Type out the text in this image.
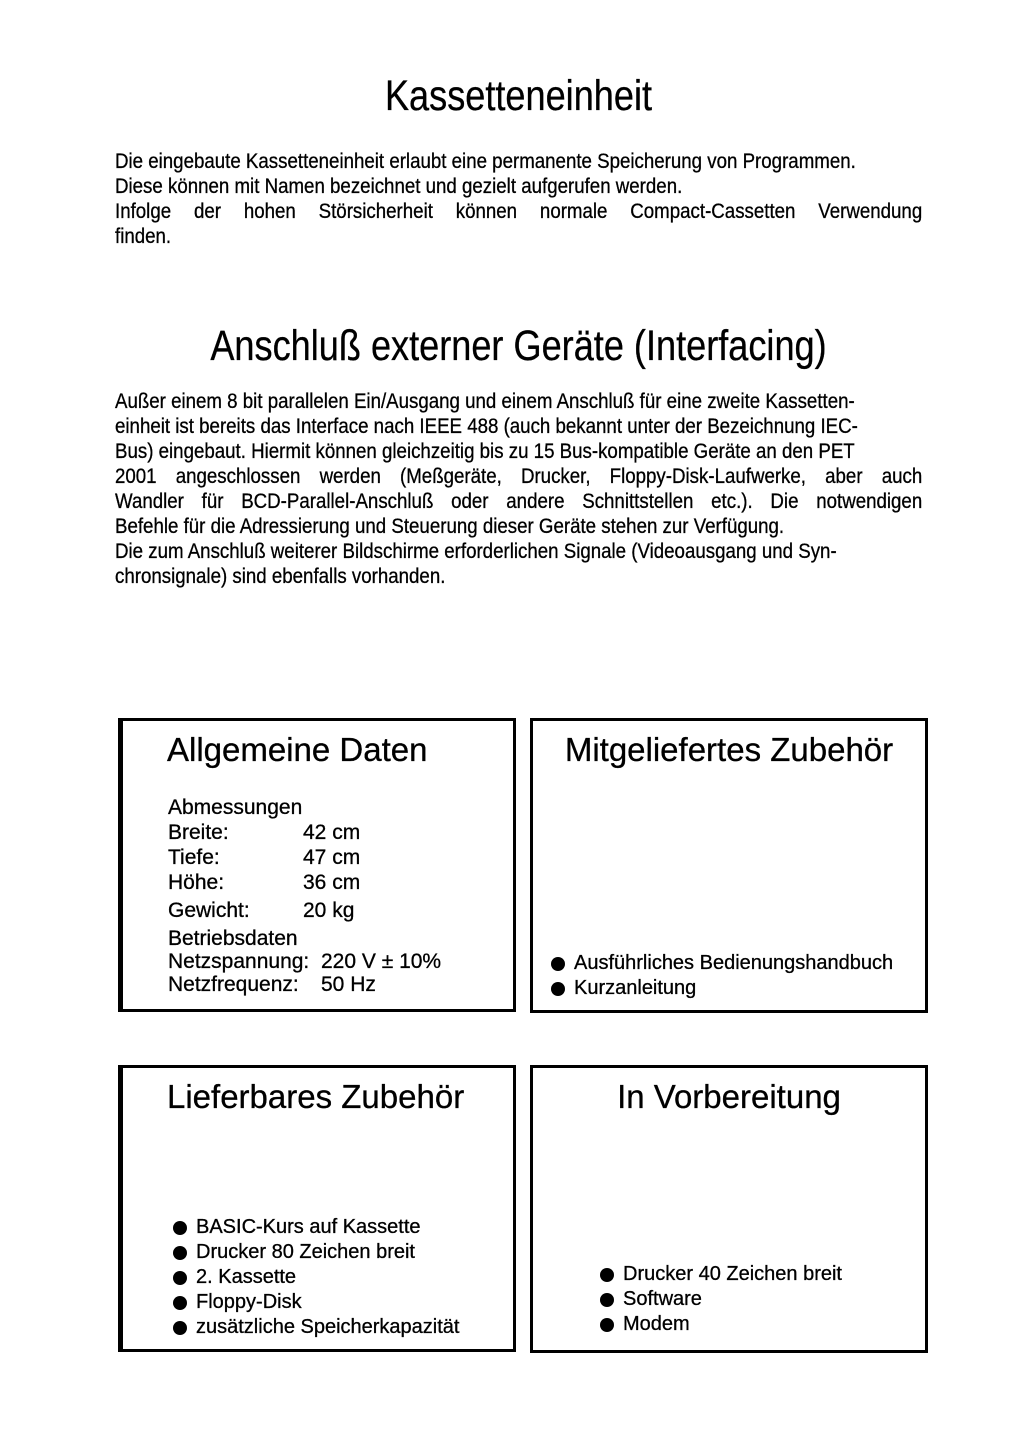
Kassetteneinheit
Die eingebaute Kassetteneinheit erlaubt eine permanente Speicherung von Programmen.
Diese können mit Namen bezeichnet und gezielt aufgerufen werden.
Infolge der hohen Störsicherheit können normale Compact-Cassetten Verwendung
finden.
Anschluß externer Geräte (Interfacing)
Außer einem 8 bit parallelen Ein/Ausgang und einem Anschluß für eine zweite Kassetten-
einheit ist bereits das Interface nach IEEE 488 (auch bekannt unter der Bezeichnung IEC-
Bus) eingebaut. Hiermit können gleichzeitig bis zu 15 Bus-kompatible Geräte an den PET
2001 angeschlossen werden (Meßgeräte, Drucker, Floppy-Disk-Laufwerke, aber auch
Wandler für BCD-Parallel-Anschluß oder andere Schnittstellen etc.). Die notwendigen
Befehle für die Adressierung und Steuerung dieser Geräte stehen zur Verfügung.
Die zum Anschluß weiterer Bildschirme erforderlichen Signale (Videoausgang und Syn-
chronsignale) sind ebenfalls vorhanden.
Allgemeine Daten
Abmessungen
Breite:	42 cm
Tiefe:	47 cm
Höhe:	36 cm
Gewicht:	20 kg
Betriebsdaten
Netzspannung: 220 V ± 10%
Netzfrequenz:	50 Hz
Mitgeliefertes Zubehör
Ausführliches Bedienungshandbuch
Kurzanleitung
Lieferbares Zubehör
BASIC-Kurs auf Kassette
Drucker 80 Zeichen breit
2. Kassette
Floppy-Disk
zusätzliche Speicherkapazität
In Vorbereitung
Drucker 40 Zeichen breit
Software
Modem
